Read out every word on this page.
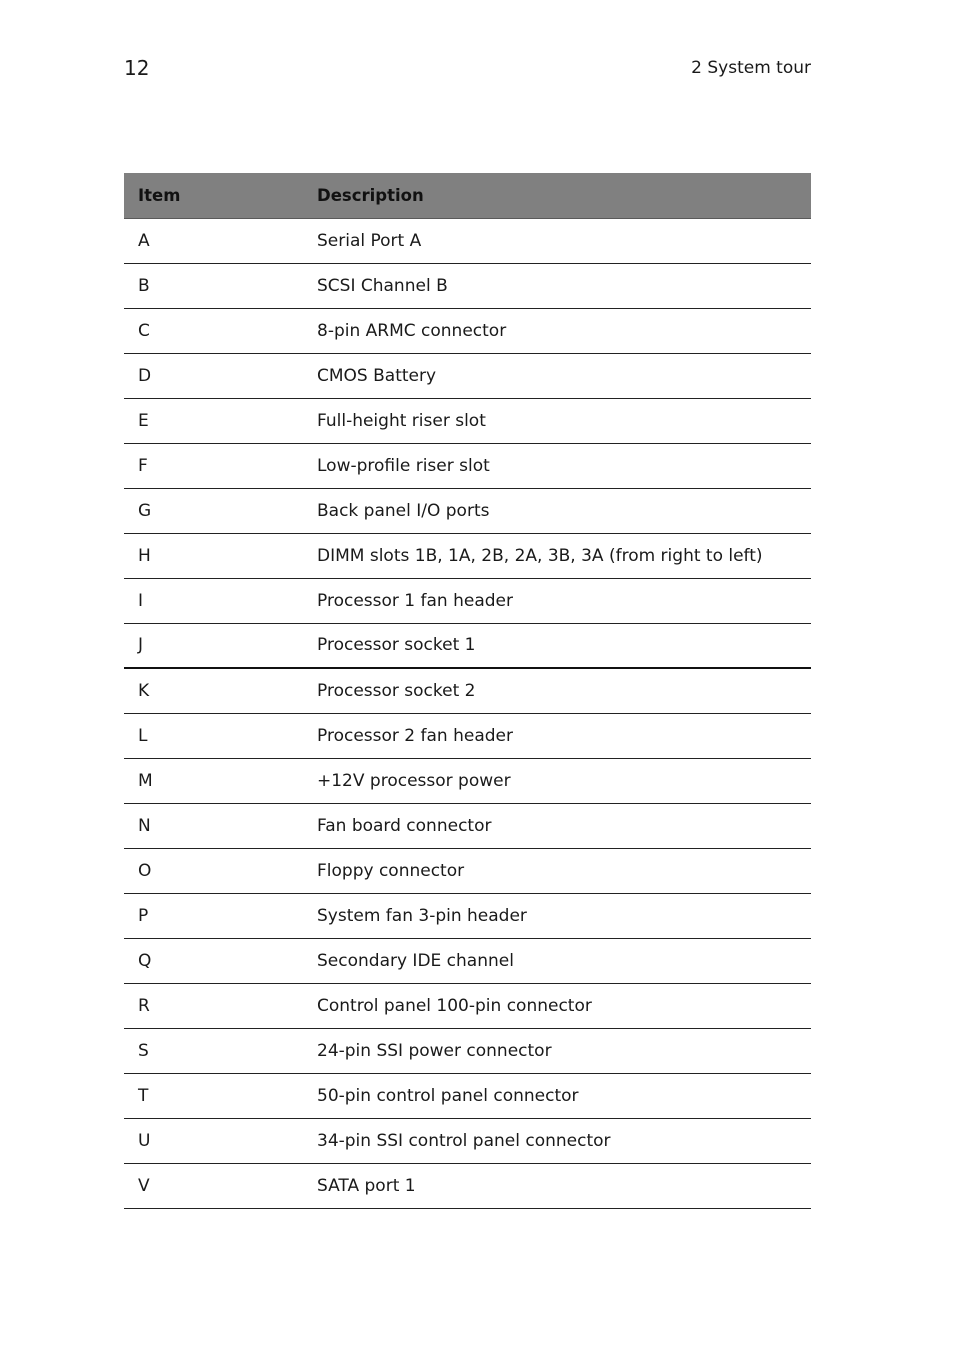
12	2 System tour
Item	Description
A	Serial Port A
B	SCSI Channel B
C	8-pin ARMC connector
D	CMOS Battery
E	Full-height riser slot
F	Low-profile riser slot
G	Back panel I/O ports
H	DIMM slots 1B, 1A, 2B, 2A, 3B, 3A (from right to left)
I	Processor 1 fan header
J	Processor socket 1
K	Processor socket 2
L	Processor 2 fan header
M	+12V processor power
N	Fan board connector
O	Floppy connector
P	System fan 3-pin header
Q	Secondary IDE channel
R	Control panel 100-pin connector
S	24-pin SSI power connector
T	50-pin control panel connector
U	34-pin SSI control panel connector
V	SATA port 1
